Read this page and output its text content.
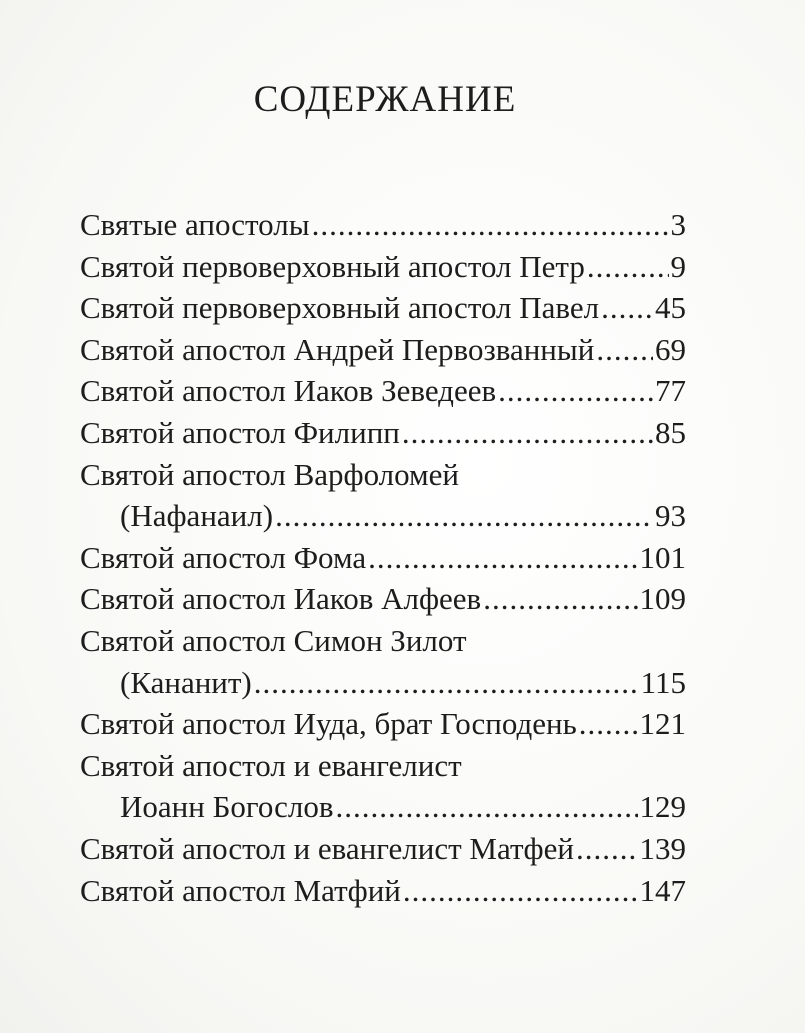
СОДЕРЖАНИЕ
Святые апостолы .....	3
Святой первоверховный апостол Петр .....	9
Святой первоверховный апостол Павел ..... 45
Святой апостол Андрей Первозванный ..... 69
Святой апостол Иаков Зеведеев .....	77
Святой апостол Филипп .....	85
Святой апостол Варфоломей
(Нафанаил) .....	93
Святой апостол Фома .....	101
Святой апостол Иаков Алфеев .....	109
Святой апостол Симон Зилот
(Кананит) .....	115
Святой апостол Иуда, брат Господень ..... 121
Святой апостол и евангелист
Иоанн Богослов .....	129
Святой апостол и евангелист Матфей ..... 139
Святой апостол Матфий .....	147
